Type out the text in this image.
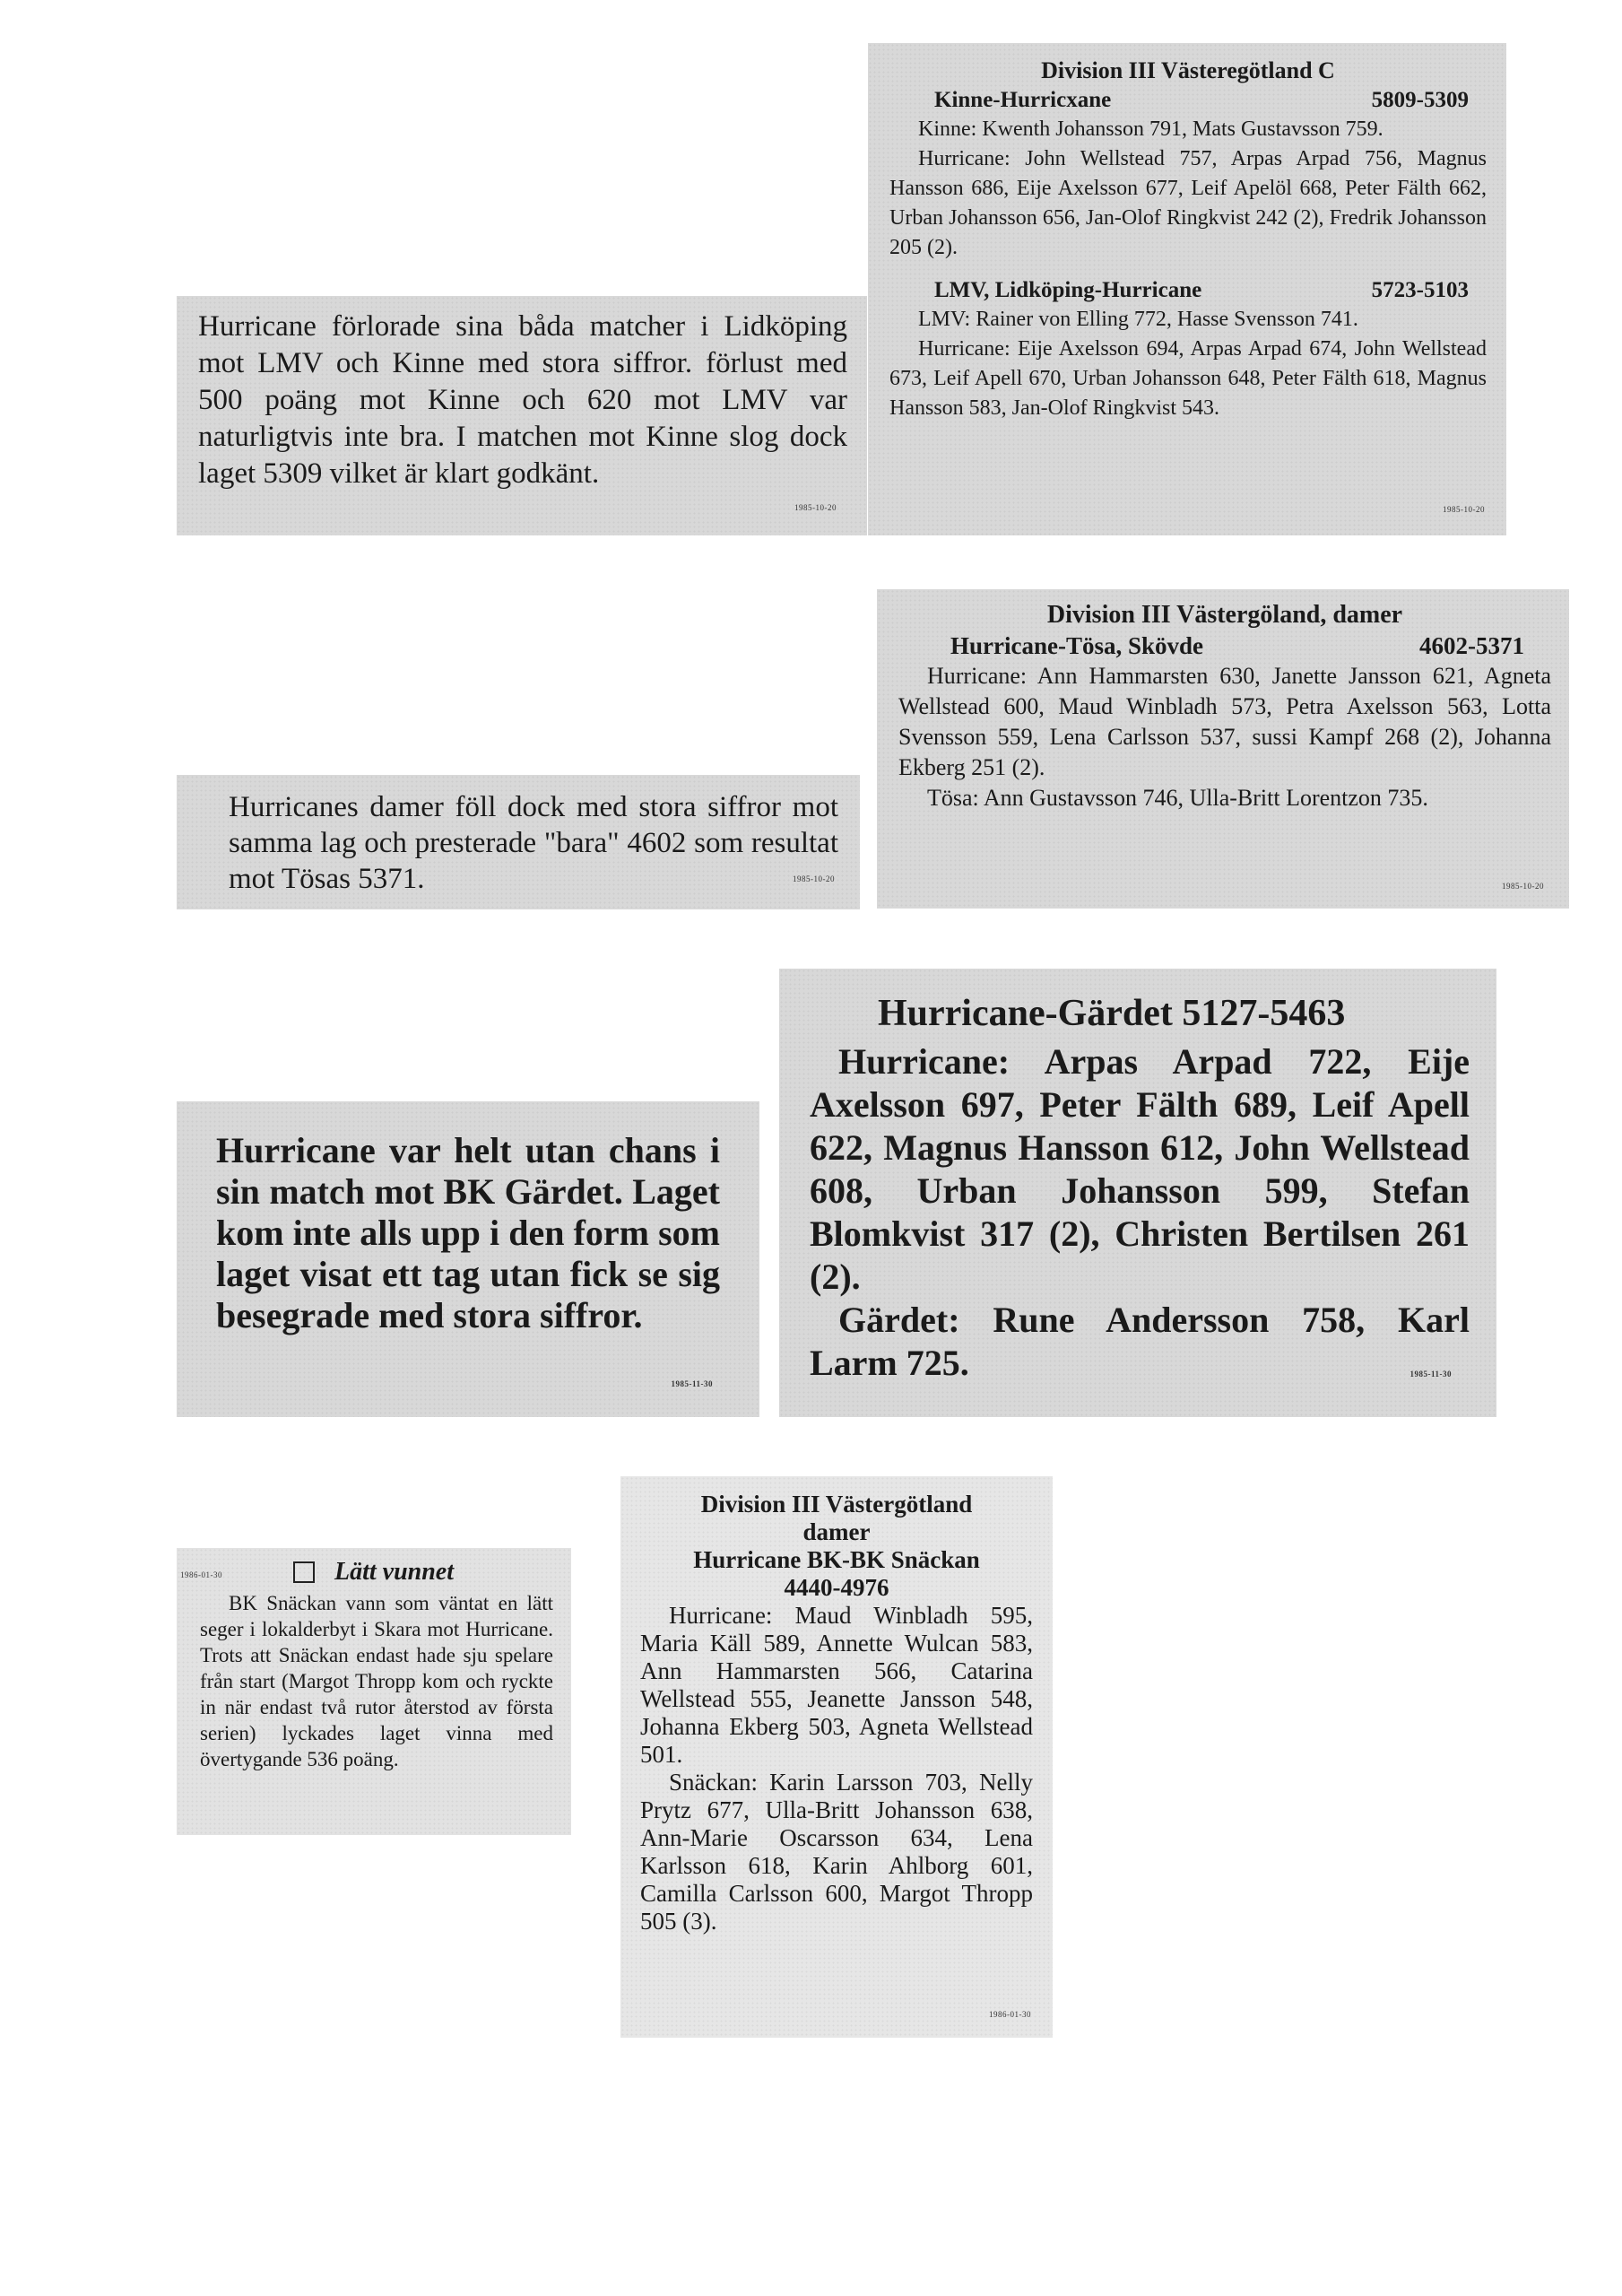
Hurricane förlorade sina båda matcher i Lidköping mot LMV och Kinne med stora siffror. förlust med 500 poäng mot Kinne och 620 mot LMV var naturligtvis inte bra. I matchen mot Kinne slog dock laget 5309 vilket är klart godkänt.

1985-10-20

Division III Västeregötland C

Kinne-Hurricxane	5809-5309

Kinne: Kwenth Johansson 791, Mats Gustavsson 759.

Hurricane: John Wellstead 757, Arpas Arpad 756, Magnus Hansson 686, Eije Axelsson 677, Leif Apelöl 668, Peter Fälth 662, Urban Johansson 656, Jan-Olof Ringkvist 242 (2), Fredrik Johansson 205 (2).

LMV, Lidköping-Hurricane	5723-5103

LMV: Rainer von Elling 772, Hasse Svensson 741.

Hurricane: Eije Axelsson 694, Arpas Arpad 674, John Wellstead 673, Leif Apell 670, Urban Johansson 648, Peter Fälth 618, Magnus Hansson 583, Jan-Olof Ringkvist 543.

1985-10-20

Hurricanes damer föll dock med stora siffror mot samma lag och presterade "bara" 4602 som resultat mot Tösas 5371.	1985-10-20

Division III Västergöland, damer

Hurricane-Tösa, Skövde	4602-5371

Hurricane: Ann Hammarsten 630, Janette Jansson 621, Agneta Wellstead 600, Maud Winbladh 573, Petra Axelsson 563, Lotta Svensson 559, Lena Carlsson 537, sussi Kampf 268 (2), Johanna Ekberg 251 (2).

Tösa: Ann Gustavsson 746, Ulla-Britt Lorentzon 735.

1985-10-20

Hurricane var helt utan chans i sin match mot BK Gärdet. Laget kom inte alls upp i den form som laget visat ett tag utan fick se sig besegrade med stora siffror.

1985-11-30

Hurricane-Gärdet 5127-5463

Hurricane: Arpas Arpad 722, Eije Axelsson 697, Peter Fälth 689, Leif Apell 622, Magnus Hansson 612, John Wellstead 608, Urban Johansson 599, Stefan Blomkvist 317 (2), Christen Bertilsen 261 (2).

Gärdet: Rune Andersson 758, Karl Larm 725.	1985-11-30
1986-01-30	Lätt vunnet

BK Snäckan vann som väntat en lätt seger i lokalderbyt i Skara mot Hurricane. Trots att Snäckan endast hade sju spelare från start (Margot Thropp kom och ryckte in när endast två rutor återstod av första serien) lyckades laget vinna med övertygande 536 poäng.

Division III Västergötland

damer

Hurricane BK-BK Snäckan

4440-4976

Hurricane: Maud Winbladh 595, Maria Käll 589, Annette Wulcan 583, Ann Hammarsten 566, Catarina Wellstead 555, Jeanette Jansson 548, Johanna Ekberg 503, Agneta Wellstead 501.

Snäckan: Karin Larsson 703, Nelly Prytz 677, Ulla-Britt Johansson 638, Ann-Marie Oscarsson 634, Lena Karlsson 618, Karin Ahlborg 601, Camilla Carlsson 600, Margot Thropp 505 (3).

1986-01-30
